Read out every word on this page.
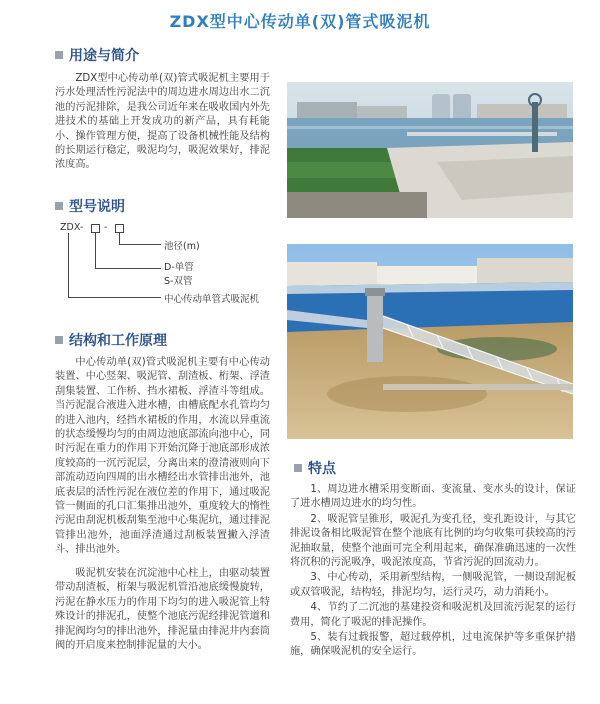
ZDX型中心传动单(双)管式吸泥机
用途与简介

ZDX型中心传动单(双)管式吸泥机主要用于污水处理活性污泥法中的周边进水周边出水二沉池的污泥排除，是我公司近年来在吸收国内外先进技术的基础上开发成功的新产品，具有耗能小、操作管理方便，提高了设备机械性能及结构的长期运行稳定，吸泥均匀，吸泥效果好，排泥浓度高。

型号说明
ZDX - -
池径(m)
D-单管
S-双管
中心传动单管式吸泥机
结构和工作原理

中心传动单(双)管式吸泥机主要有中心传动装置、中心竖架、吸泥管、刮渣板、桁架、浮渣刮集装置、工作桥、挡水裙板、浮渣斗等组成。当污泥混合液进入进水槽，由槽底配水孔管均匀的进入池内，经挡水裙板的作用，水流以异重流的状态缓慢均匀的由周边池底部流向池中心，同时污泥在重力的作用下开始沉降于池底部形成浓度较高的一沉污泥层，分离出来的澄清液则向下部流动迈向四周的出水槽经出水管排出池外，池底表层的活性污泥在液位差的作用下，通过吸泥管一侧面的孔口汇集排出池外，重度较大的惰性污泥由刮泥机板刮集至池中心集泥坑，通过排泥管排出池外，池面浮渣通过刮板装置撇入浮渣斗、排出池外。

吸泥机安装在沉淀池中心柱上，由驱动装置带动刮渣板，桁架与吸泥机管沿池底缓慢旋转，污泥在静水压力的作用下均匀的进入吸泥管上特殊设计的排泥孔，使整个池底污泥经排泥管道和排泥阀均匀的排出池外，排泥量由排泥井内套筒阀的开启度来控制排泥量的大小。

特点

1、周边进水槽采用变断面、变流量、变水头的设计，保证了进水槽周边进水的均匀性。

2、吸泥管呈锥形，吸泥孔为变孔径，变孔距设计，与其它排泥设备相比吸泥管在整个池底有比例的均匀收集可获较高的污泥抽取量，使整个池面可完全利用起来，确保准确迅速的一次性将沉积的污泥吸净，吸泥浓度高，节省污泥的回流动力。

3、中心传动，采用新型结构，一侧吸泥管，一侧设刮泥板或双管吸泥，结构轻，排泥均匀，运行灵巧，动力消耗小。

4、节约了二沉池的基建投资和吸泥机及回流污泥泵的运行费用，简化了吸泥的排泥操作。

5、装有过载报警，超过载停机，过电流保护等多重保护措施，确保吸泥机的安全运行。
